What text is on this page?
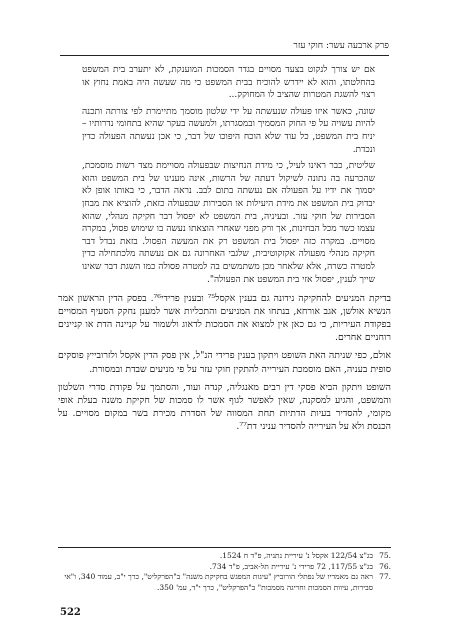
פרק ארבעה עשר: חוקי עזר

אם יש צורך לנקוט בצעד מסויים בגדר הסמכות המוענקת, לא יתערב בית המשפט בהחלטתו, והוא לא יידרש להוכיח בבית המשפט כי מה שעשה היה באמת נחוץ או רצוי להשגת המטרות שהציב לו המחוקק...

שונה, כאשר איזו פעולה שנעשתה על ידי שלטון מוסמך מתיימרת לפי צורתה ותכנה להיות עשויה על פי החוק המסמיך ובמסגרתו, ולמעשה בעקר שהיא בתחומי נדרותיו – יניח בית המשפט, כל עוד שלא הוכח היפוכו של דבר, כי אכן נעשתה הפעולה כדין ונכדת.

שליטית, כבר ראינו לעיל, כי מידת הנחיצות שבפעולה מסויימת מצד רשות מוסמכת, שהכרעה בה נתונה לשיקול דעתה של הרשות, אינה מענינו של בית המשפט והוא יסמוך את ידיו על הפעולה אם נעשתה בתום לבב. נראה הדבר, כי באותו אופן לא יבדוק בית המשפט את מידת היעילות או הסבירות שבפעולה כזאת, להוציא את מבחן הסבירות של חוקי עזר. ובעיניה, בית המשפט לא יפסול דבר חקיקה מנהלי, שהוא עצמו כשר מכל הבחינות, אך ורק מפני שאחרי הוצאתו נעשה בו שימוש פסול, במקרה מסויים. במקרה כזה יפסול בית המשפט רק את המעשה הפסול. בזאת נבדל דבר חקיקה מנהלי מפעולה אקזקוטיבית, שלגבי האחרונה גם אם נעשתה מלכתחילה כדין למטרה כשרה, אלא שלאחר מכן משתמשים בה למטרה פסולה כמו השגת דבר שאינו שייך לענין, יפסול אזי בית המשפט את הפעולה".

בדיקת המניעים להחקיקה נידונה גם בענין אקסל⁷⁵ ובענין פרידי⁷⁶. בפסק הדין הראשון אמר הנשיא אולשן, אגב אורחא, בנתחו את המניעים והתכליות אשר למענן נחקק הסעיף המסויים בפקודת העיריות, כי גם כאן אין למצוא את הסמכות לדאוג ולשמור על קניינה הדת או קניינים רוחניים אחרים.

אולם, כפי שניתה האת השופט ויתקון בענין פרידי הנ"ל, אין פסק הדין אקסל ולזרובייץ פוסקים סופית בעניה, האם מוסמכת העירייה להתקין חוקי עזר על פי מניעים שבדת ובמסורת.

השופט ויתקון הביא פסקי דין רבים מאנגליה, קנדה ועוד, והסתמך על פקודת סדרי השלטון והמשפט, והגיע למסקנה, שאין לאפשר לגוף אשר לו סמכות של חקיקת משנה בעלת אופי מקומי, להסדיר בעיות הדתיות תחת המסווה של הסדרת מכירת בשר במקום מסויים. על הכנסת ולא על העירייה להסדיר עניני דת⁷⁷.

.75
בג"צ 122/54 אקסל נ' עיריית נתניה, פ"ד ח 1524.
.76
בג"צ 117/55, 72 פרידי נ' עיריית תל-אביב, פ"ד 734.
.77
ראה גם מאמריו של נפתלי הורוביץ "עיגות המפגש בחקיקת משנה" ב"הפרקליט", כרך י"ב, עמוד 340, ו"אי סבירות, עיוות הסמכות וחריגה מסמכות" ב"הפרקליט", כרך י"ד, עמ' 350.
522
